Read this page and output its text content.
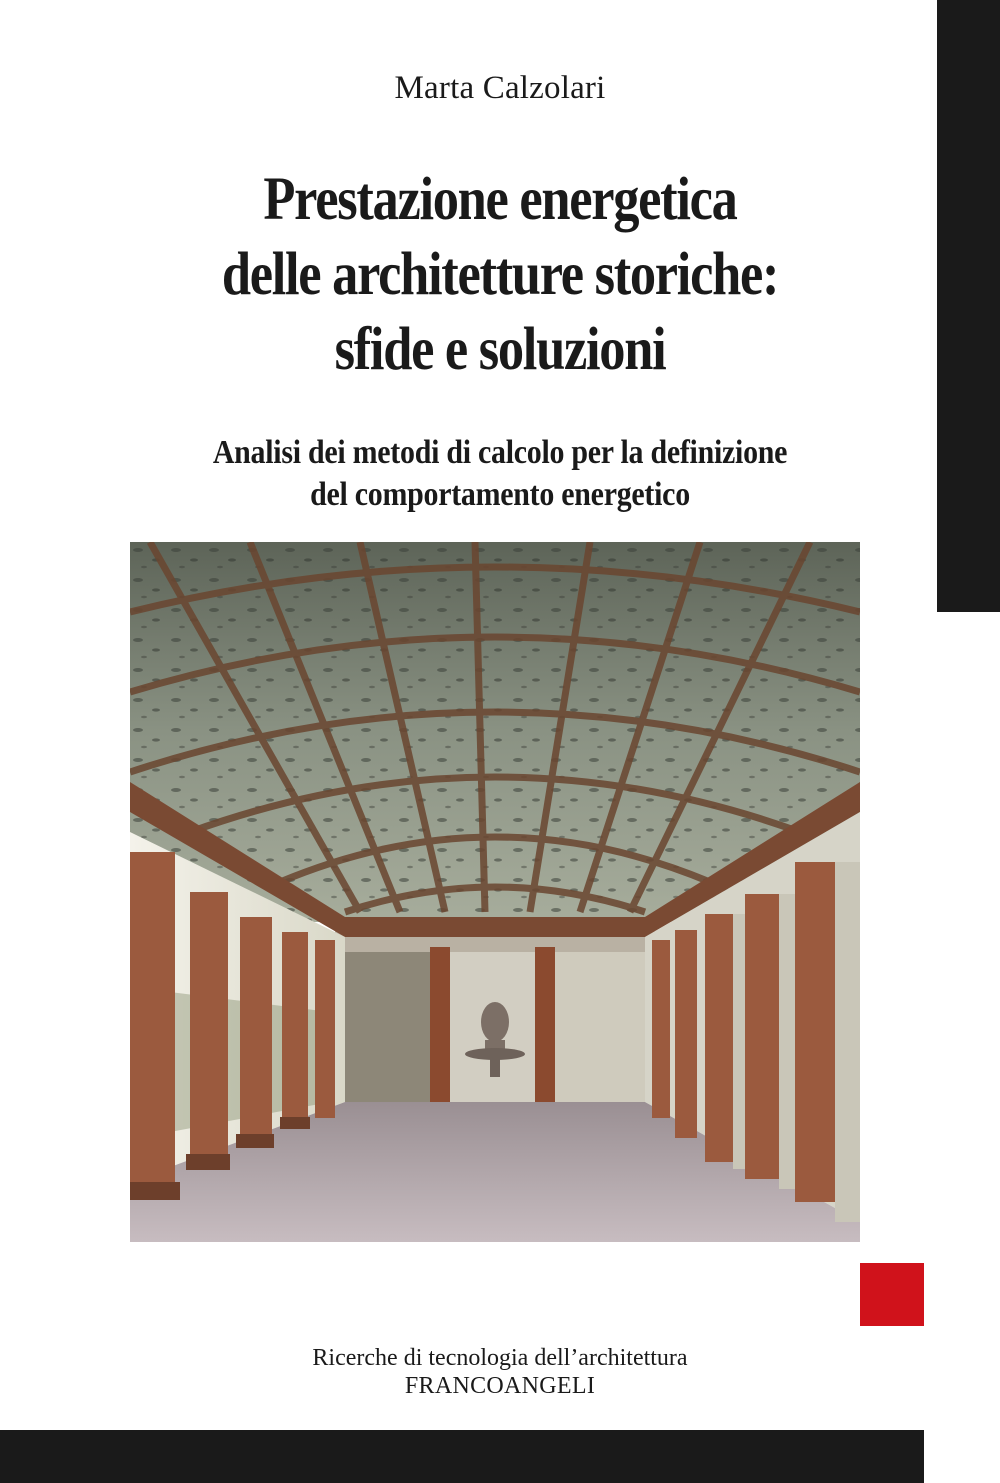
Marta Calzolari
Prestazione energetica
delle architetture storiche:
sfide e soluzioni
Analisi dei metodi di calcolo per la definizione
del comportamento energetico
Ricerche di tecnologia dell’architettura
FRANCOANGELI
